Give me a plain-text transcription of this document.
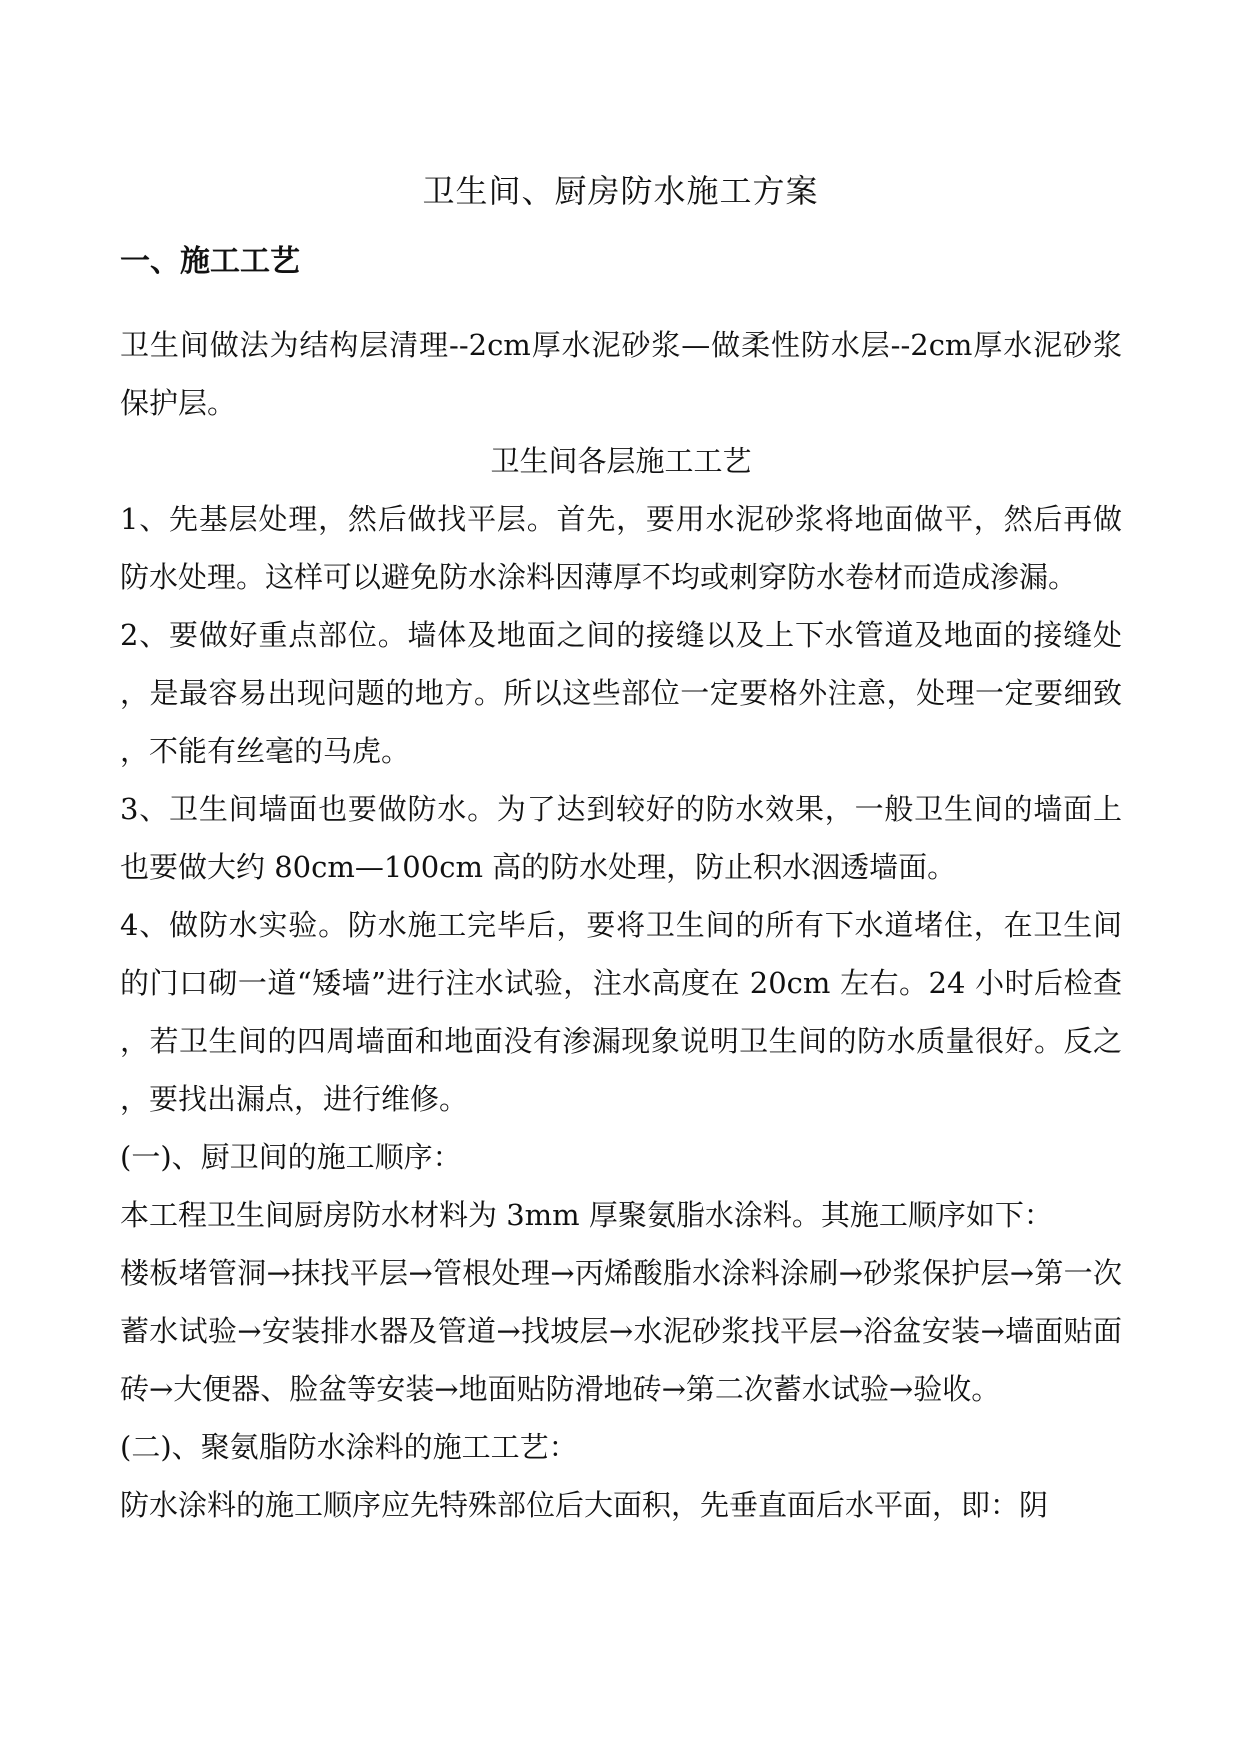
卫生间、厨房防水施工方案
一、施工工艺

卫生间做法为结构层清理--2cm厚水泥砂浆—做柔性防水层--2cm厚水泥砂浆保护层。

卫生间各层施工工艺

1、先基层处理，然后做找平层。首先，要用水泥砂浆将地面做平，然后再做防水处理。这样可以避免防水涂料因薄厚不均或刺穿防水卷材而造成渗漏。

2、要做好重点部位。墙体及地面之间的接缝以及上下水管道及地面的接缝处，是最容易出现问题的地方。所以这些部位一定要格外注意，处理一定要细致，不能有丝毫的马虎。

3、卫生间墙面也要做防水。为了达到较好的防水效果，一般卫生间的墙面上也要做大约 80cm—100cm 高的防水处理，防止积水洇透墙面。

4、做防水实验。防水施工完毕后，要将卫生间的所有下水道堵住，在卫生间的门口砌一道“矮墙”进行注水试验，注水高度在 20cm 左右。24 小时后检查，若卫生间的四周墙面和地面没有渗漏现象说明卫生间的防水质量很好。反之，要找出漏点，进行维修。

(一)、厨卫间的施工顺序：

本工程卫生间厨房防水材料为 3mm 厚聚氨脂水涂料。其施工顺序如下：

楼板堵管洞→抹找平层→管根处理→丙烯酸脂水涂料涂刷→砂浆保护层→第一次蓄水试验→安装排水器及管道→找坡层→水泥砂浆找平层→浴盆安装→墙面贴面砖→大便器、脸盆等安装→地面贴防滑地砖→第二次蓄水试验→验收。

(二)、聚氨脂防水涂料的施工工艺：

防水涂料的施工顺序应先特殊部位后大面积，先垂直面后水平面，即：阴
